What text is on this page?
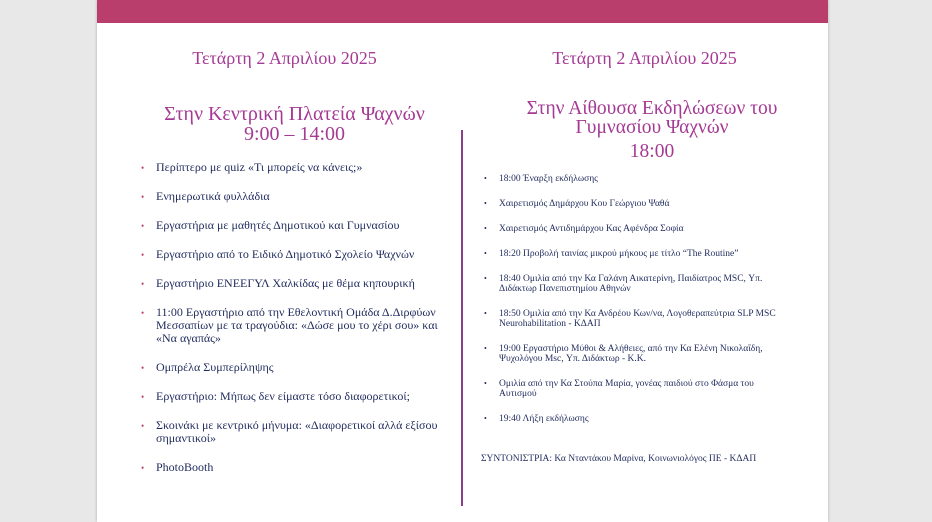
Τετάρτη 2 Απριλίου 2025	Τετάρτη 2 Απριλίου 2025
Στην Κεντρική Πλατεία Ψαχνών
9:00 – 14:00
Στην Αίθουσα Εκδηλώσεων του Γυμνασίου Ψαχνών
18:00
• Περίπτερο με quiz «Τι μπορείς να κάνεις;»
• Ενημερωτικά φυλλάδια
• Εργαστήρια με μαθητές Δημοτικού και Γυμνασίου
• Εργαστήριο από το Ειδικό Δημοτικό Σχολείο Ψαχνών
• Εργαστήριο ΕΝΕΕΓΥΛ Χαλκίδας με θέμα κηπουρική
• 11:00 Εργαστήριο από την Εθελοντική Ομάδα Δ.Διρφύων Μεσσαπίων με τα τραγούδια: «Δώσε μου το χέρι σου» και «Να αγαπάς»
• Ομπρέλα Συμπερίληψης
• Εργαστήριο: Μήπως δεν είμαστε τόσο διαφορετικοί;
• Σκοινάκι με κεντρικό μήνυμα: «Διαφορετικοί αλλά εξίσου σημαντικοί»
• PhotoBooth
• 18:00 Έναρξη εκδήλωσης
• Χαιρετισμός Δημάρχου Κου Γεώργιου Ψαθά
• Χαιρετισμός Αντιδημάρχου Κας Αφένδρα Σοφία
• 18:20 Προβολή ταινίας μικρού μήκους με τίτλο “The Routine”
• 18:40 Ομιλία από την Κα Γαλάνη Αικατερίνη, Παιδίατρος MSC, Υπ. Διδάκτωρ Πανεπιστημίου Αθηνών
• 18:50 Ομιλία από την Κα Ανδρέου Κων/να, Λογοθεραπεύτρια SLP MSC Neurohabilitation - ΚΔΑΠ
• 19:00 Εργαστήριο Μύθοι & Αλήθειες, από την Κα Ελένη Νικολαΐδη, Ψυχολόγου Msc, Υπ. Διδάκτωρ - Κ.Κ.
• Ομιλία από την Κα Στούπα Μαρία, γονέας παιδιού στο Φάσμα του Αυτισμού
• 19:40 Λήξη εκδήλωσης
ΣΥΝΤΟΝΙΣΤΡΙΑ: Κα Νταντάκου Μαρίνα, Κοινωνιολόγος ΠΕ - ΚΔΑΠ
